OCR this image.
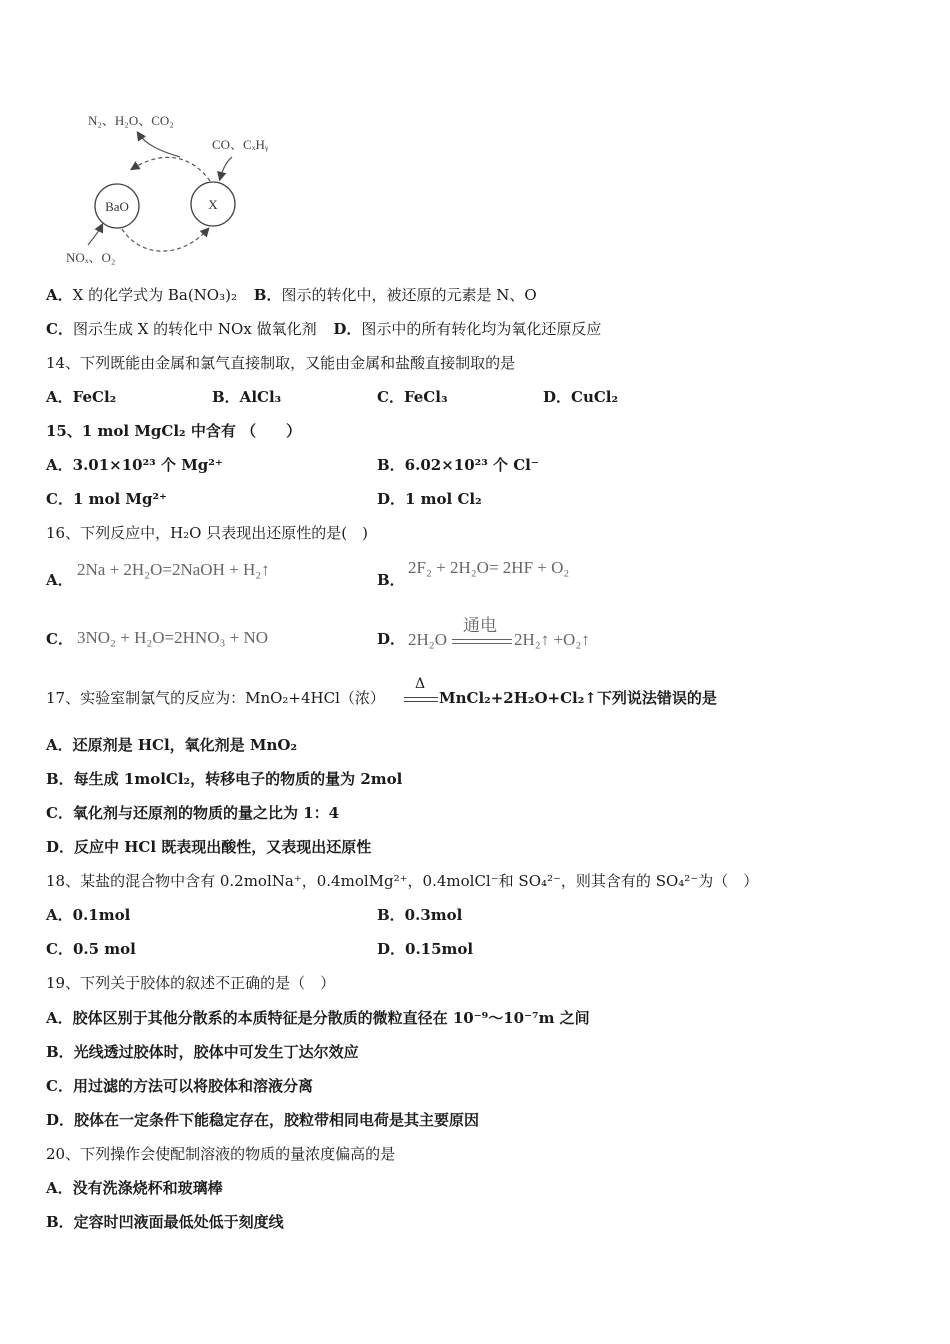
N₂、H₂O、CO₂
CO、CₓHᵧ
BaO	X
NOₓ、O₂
A．X 的化学式为 Ba(NO₃)₂ B．图示的转化中，被还原的元素是 N、O
C．图示生成 X 的转化中 NOx 做氧化剂 D．图示中的所有转化均为氧化还原反应
14、下列既能由金属和氯气直接制取，又能由金属和盐酸直接制取的是
A．FeCl₂	B．AlCl₃	C．FeCl₃	D．CuCl₂
15、1 mol MgCl₂ 中含有 （　　）
A．3.01×10²³ 个 Mg²⁺	B．6.02×10²³ 个 Cl⁻
C．1 mol Mg²⁺	D．1 mol Cl₂
16、下列反应中，H₂O 只表现出还原性的是(　)
A．
2Na + 2H₂O=2NaOH + H₂↑
B．
2F₂ + 2H₂O= 2HF + O₂
C． 3NO₂ + H₂O=2HNO₃ + NO	D． 2H₂O
通电
2H₂↑ +O₂↑
17、实验室制氯气的反应为：MnO₂+4HCl（浓）
Δ
MnCl₂+2H₂O+Cl₂↑下列说法错误的是
A．还原剂是 HCl，氧化剂是 MnO₂
B．每生成 1molCl₂，转移电子的物质的量为 2mol
C．氧化剂与还原剂的物质的量之比为 1：4
D．反应中 HCl 既表现出酸性，又表现出还原性
18、某盐的混合物中含有 0.2molNa⁺，0.4molMg²⁺，0.4molCl⁻和 SO₄²⁻，则其含有的 SO₄²⁻为（　）
A．0.1mol	B．0.3mol
C．0.5 mol	D．0.15mol
19、下列关于胶体的叙述不正确的是（　）
A．胶体区别于其他分散系的本质特征是分散质的微粒直径在 10⁻⁹～10⁻⁷m 之间
B．光线透过胶体时，胶体中可发生丁达尔效应
C．用过滤的方法可以将胶体和溶液分离
D．胶体在一定条件下能稳定存在，胶粒带相同电荷是其主要原因
20、下列操作会使配制溶液的物质的量浓度偏高的是
A．没有洗涤烧杯和玻璃棒
B．定容时凹液面最低处低于刻度线
